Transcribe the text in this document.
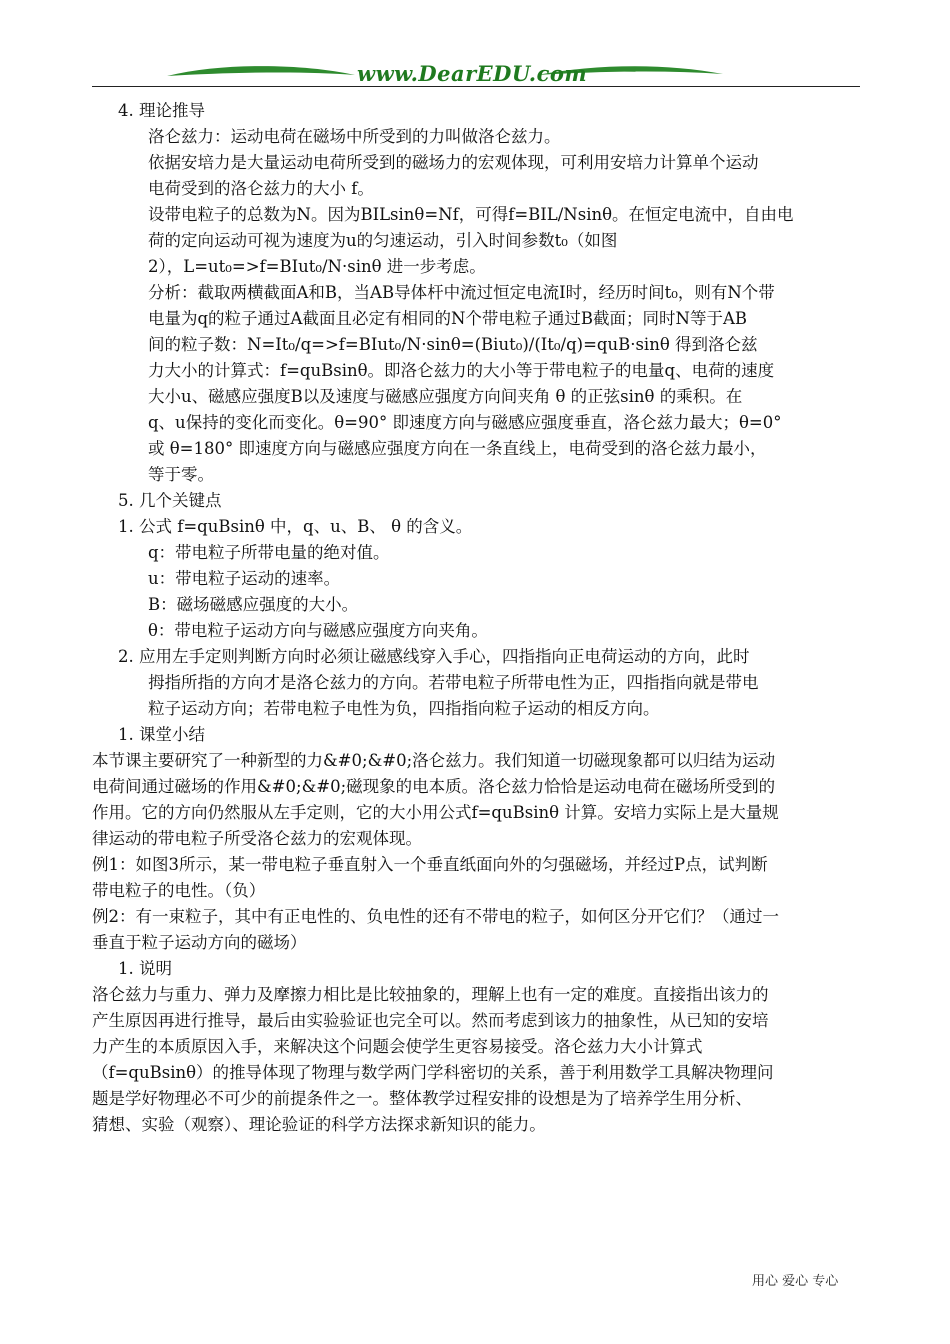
www.DearEDU.com
4. 理论推导
洛仑兹力：运动电荷在磁场中所受到的力叫做洛仑兹力。
依据安培力是大量运动电荷所受到的磁场力的宏观体现，可利用安培力计算单个运动
电荷受到的洛仑兹力的大小 f。
设带电粒子的总数为N。因为BILsinθ=Nf，可得f=BIL/Nsinθ。在恒定电流中，自由电
荷的定向运动可视为速度为u的匀速运动，引入时间参数t₀（如图
2），L=ut₀=>f=BIut₀/N·sinθ 进一步考虑。
分析：截取两横截面A和B，当AB导体杆中流过恒定电流I时，经历时间t₀，则有N个带
电量为q的粒子通过A截面且必定有相同的N个带电粒子通过B截面；同时N等于AB
间的粒子数：N=It₀/q=>f=BIut₀/N·sinθ=(Biut₀)/(It₀/q)=quB·sinθ 得到洛仑兹
力大小的计算式：f=quBsinθ。即洛仑兹力的大小等于带电粒子的电量q、电荷的速度
大小u、磁感应强度B以及速度与磁感应强度方向间夹角 θ 的正弦sinθ 的乘积。在
q、u保持的变化而变化。θ=90° 即速度方向与磁感应强度垂直，洛仑兹力最大；θ=0°
或 θ=180° 即速度方向与磁感应强度方向在一条直线上，电荷受到的洛仑兹力最小，
等于零。
5. 几个关键点
1. 公式 f=quBsinθ 中，q、u、B、 θ 的含义。
q：带电粒子所带电量的绝对值。
u：带电粒子运动的速率。
B：磁场磁感应强度的大小。
θ：带电粒子运动方向与磁感应强度方向夹角。
2. 应用左手定则判断方向时必须让磁感线穿入手心，四指指向正电荷运动的方向，此时
拇指所指的方向才是洛仑兹力的方向。若带电粒子所带电性为正，四指指向就是带电
粒子运动方向；若带电粒子电性为负，四指指向粒子运动的相反方向。
1. 课堂小结
本节课主要研究了一种新型的力&#0;&#0;洛仑兹力。我们知道一切磁现象都可以归结为运动
电荷间通过磁场的作用&#0;&#0;磁现象的电本质。洛仑兹力恰恰是运动电荷在磁场所受到的
作用。它的方向仍然服从左手定则，它的大小用公式f=quBsinθ 计算。安培力实际上是大量规
律运动的带电粒子所受洛仑兹力的宏观体现。
例1：如图3所示，某一带电粒子垂直射入一个垂直纸面向外的匀强磁场，并经过P点，试判断
带电粒子的电性。（负）
例2：有一束粒子，其中有正电性的、负电性的还有不带电的粒子，如何区分开它们？（通过一
垂直于粒子运动方向的磁场）
1. 说明
洛仑兹力与重力、弹力及摩擦力相比是比较抽象的，理解上也有一定的难度。直接指出该力的
产生原因再进行推导，最后由实验验证也完全可以。然而考虑到该力的抽象性，从已知的安培
力产生的本质原因入手，来解决这个问题会使学生更容易接受。洛仑兹力大小计算式
（f=quBsinθ）的推导体现了物理与数学两门学科密切的关系，善于利用数学工具解决物理问
题是学好物理必不可少的前提条件之一。整体教学过程安排的设想是为了培养学生用分析、
猜想、实验（观察）、理论验证的科学方法探求新知识的能力。
用心 爱心 专心
